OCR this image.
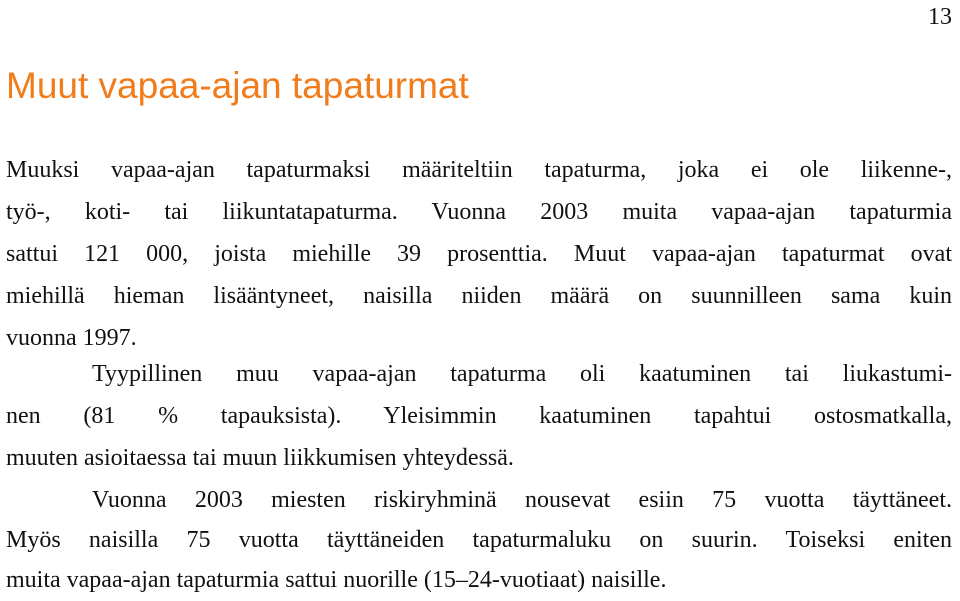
13
Muut vapaa-ajan tapaturmat
Muuksi vapaa-ajan tapaturmaksi määriteltiin tapaturma, joka ei ole liikenne-,
työ-, koti- tai liikuntatapaturma. Vuonna 2003 muita vapaa-ajan tapaturmia
sattui 121 000, joista miehille 39 prosenttia. Muut vapaa-ajan tapaturmat ovat
miehillä hieman lisääntyneet, naisilla niiden määrä on suunnilleen sama kuin
vuonna 1997.
Tyypillinen muu vapaa-ajan tapaturma oli kaatuminen tai liukastumi-
nen (81 % tapauksista). Yleisimmin kaatuminen tapahtui ostosmatkalla,
muuten asioitaessa tai muun liikkumisen yhteydessä.
Vuonna 2003 miesten riskiryhminä nousevat esiin 75 vuotta täyttäneet.
Myös naisilla 75 vuotta täyttäneiden tapaturmaluku on suurin. Toiseksi eniten
muita vapaa-ajan tapaturmia sattui nuorille (15–24-vuotiaat) naisille.
